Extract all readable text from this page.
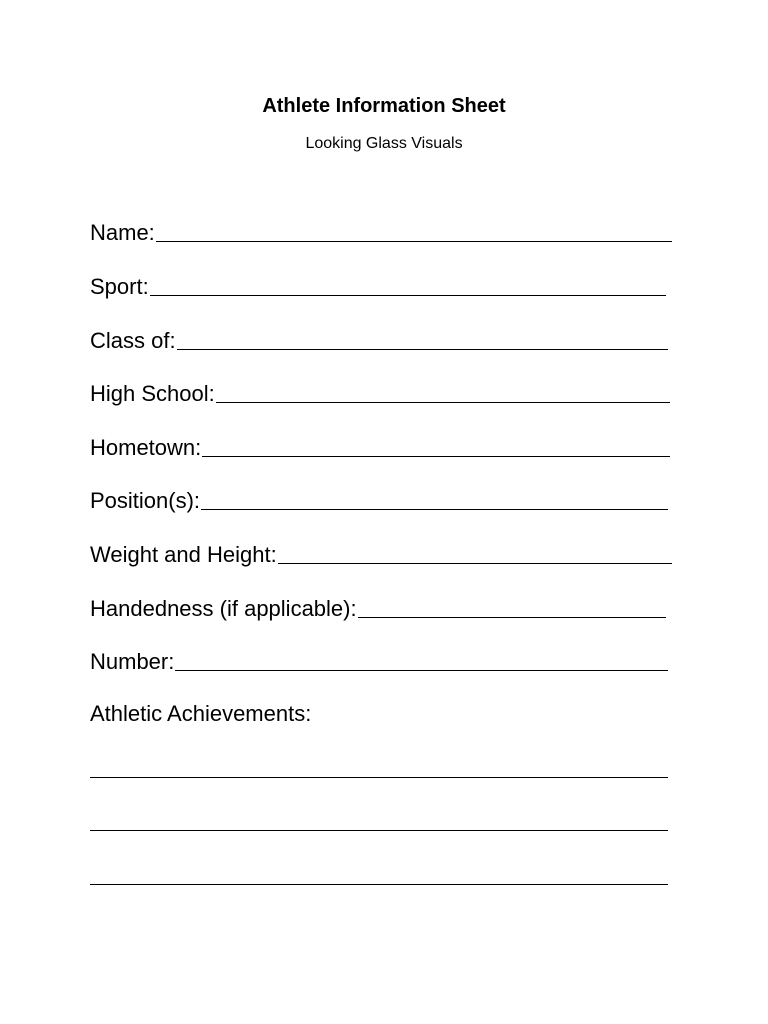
Athlete Information Sheet
Looking Glass Visuals
Name:
Sport:
Class of:
High School:
Hometown:
Position(s):
Weight and Height:
Handedness (if applicable):
Number:
Athletic Achievements:
